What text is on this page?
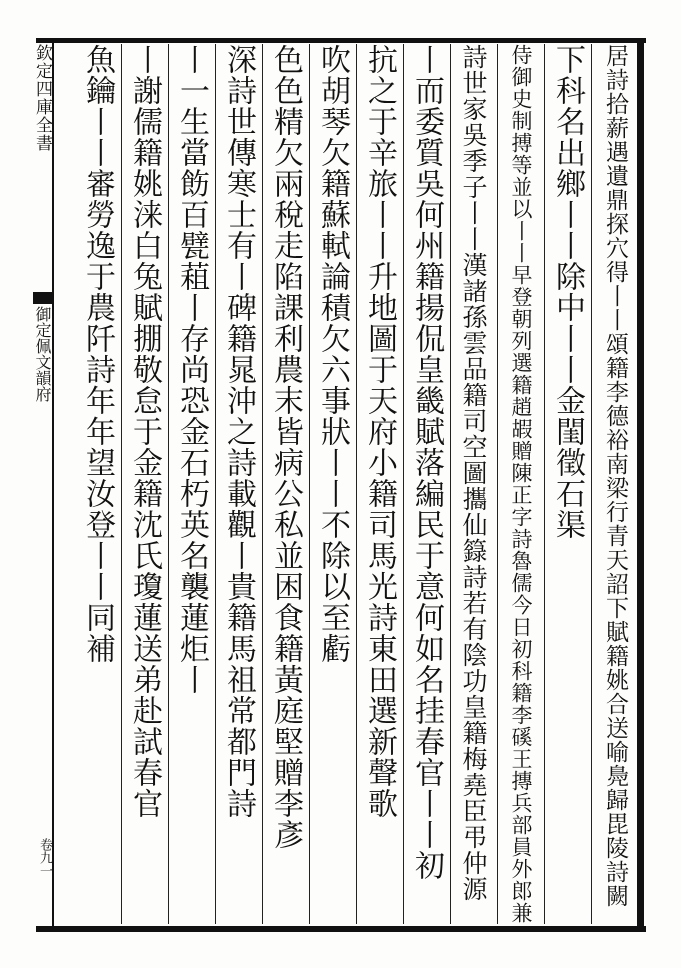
欽定四庫全書
御定佩文韻府
卷九一	居詩拾薪遇遺鼎探穴得丨丨頌籍李德裕南梁行青天詔下賦籍姚合送喻鳧歸毘陵詩闕
下科名出鄉丨丨除中丨丨金閨徵石渠
侍御史制搏等並以丨丨早登朝列選籍趙嘏贈陳正字詩魯儒今日初科籍李磎王摶兵部員外郎兼
詩世家吳季子丨丨漢諸孫雲品籍司空圖攜仙籙詩若有陰功皇籍梅堯臣弔仲源
丨而委質吳何州籍揚侃皇畿賦落編民于意何如名挂春官丨丨初
抗之于辛旅丨丨升地圖于天府小籍司馬光詩東田選新聲歌
吹胡琴欠籍蘇軾論積欠六事狀丨丨不除以至虧
色色精欠兩稅走陷課利農末皆病公私並困食籍黃庭堅贈李彥
深詩世傳寒士有丨碑籍晁沖之詩載觀丨貴籍馬祖常都門詩
丨一生當飭百甓蒩丨存尚恐金石朽英名襲蓮炬丨
丨謝儒籍姚涞白兔賦掤敬怠于金籍沈氏瓊蓮送弟赴試春官
魚鑰丨丨審勞逸于農阡詩年年望汝登丨丨同補
